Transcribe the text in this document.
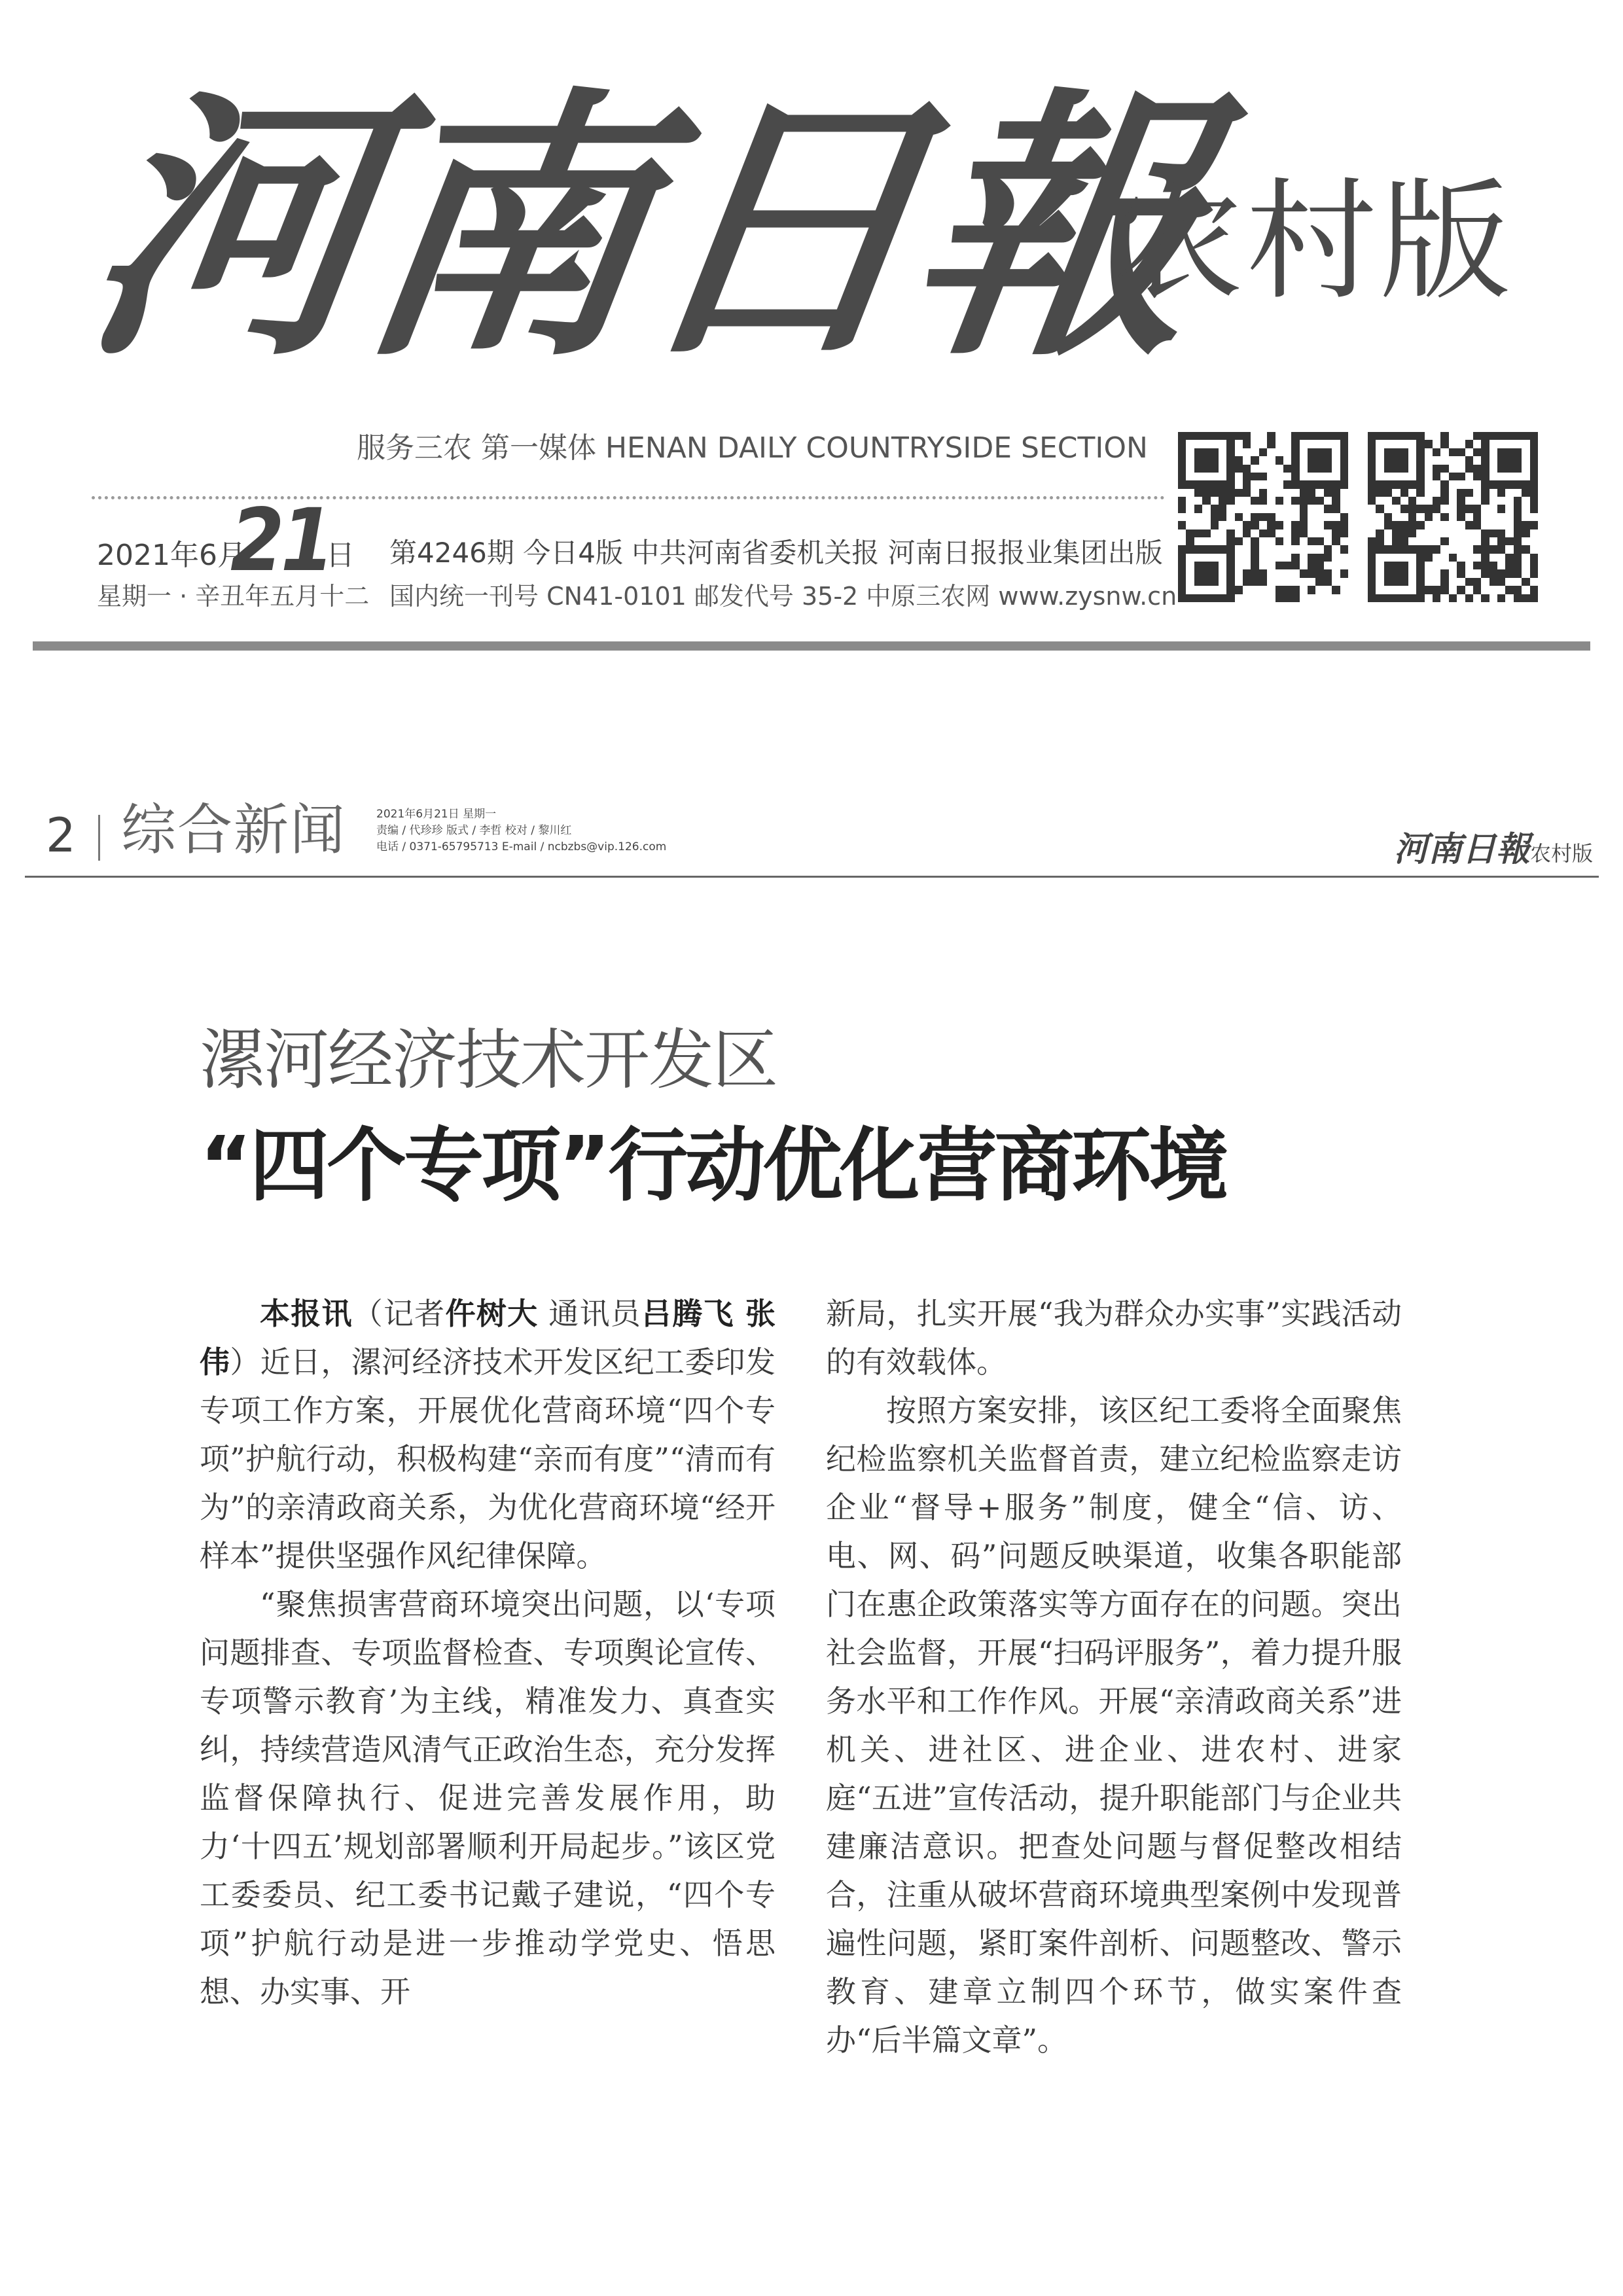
河
南
日
報
农村版
服务三农 第一媒体 HENAN DAILY COUNTRYSIDE SECTION
2021年6月
21
日
星期一 · 辛丑年五月十二
第4246期 今日4版 中共河南省委机关报 河南日报报业集团出版
国内统一刊号 CN41-0101 邮发代号 35-2 中原三农网 www.zysnw.cn
2 综合新闻	2021年6月21日 星期一
责编 / 代珍珍 版式 / 李哲 校对 / 黎川红
电话 / 0371-65795713 E-mail / ncbzbs@vip.126.com	河南日報农村版
漯河经济技术开发区
“四个专项”行动优化营商环境

本报讯（记者仵树大 通讯员吕腾飞 张伟）近日，漯河经济技术开发区纪工委印发专项工作方案，开展优化营商环境“四个专项”护航行动，积极构建“亲而有度”“清而有为”的亲清政商关系，为优化营商环境“经开样本”提供坚强作风纪律保障。

“聚焦损害营商环境突出问题，以‘专项问题排查、专项监督检查、专项舆论宣传、专项警示教育’为主线，精准发力、真查实纠，持续营造风清气正政治生态，充分发挥监督保障执行、促进完善发展作用，助力‘十四五’规划部署顺利开局起步。”该区党工委委员、纪工委书记戴子建说，“四个专项”护航行动是进一步推动学党史、悟思想、办实事、开

新局，扎实开展“我为群众办实事”实践活动的有效载体。

按照方案安排，该区纪工委将全面聚焦纪检监察机关监督首责，建立纪检监察走访企业“督导+服务”制度，健全“信、访、电、网、码”问题反映渠道，收集各职能部门在惠企政策落实等方面存在的问题。突出社会监督，开展“扫码评服务”，着力提升服务水平和工作作风。开展“亲清政商关系”进机关、进社区、进企业、进农村、进家庭“五进”宣传活动，提升职能部门与企业共建廉洁意识。把查处问题与督促整改相结合，注重从破坏营商环境典型案例中发现普遍性问题，紧盯案件剖析、问题整改、警示教育、建章立制四个环节，做实案件查办“后半篇文章”。
